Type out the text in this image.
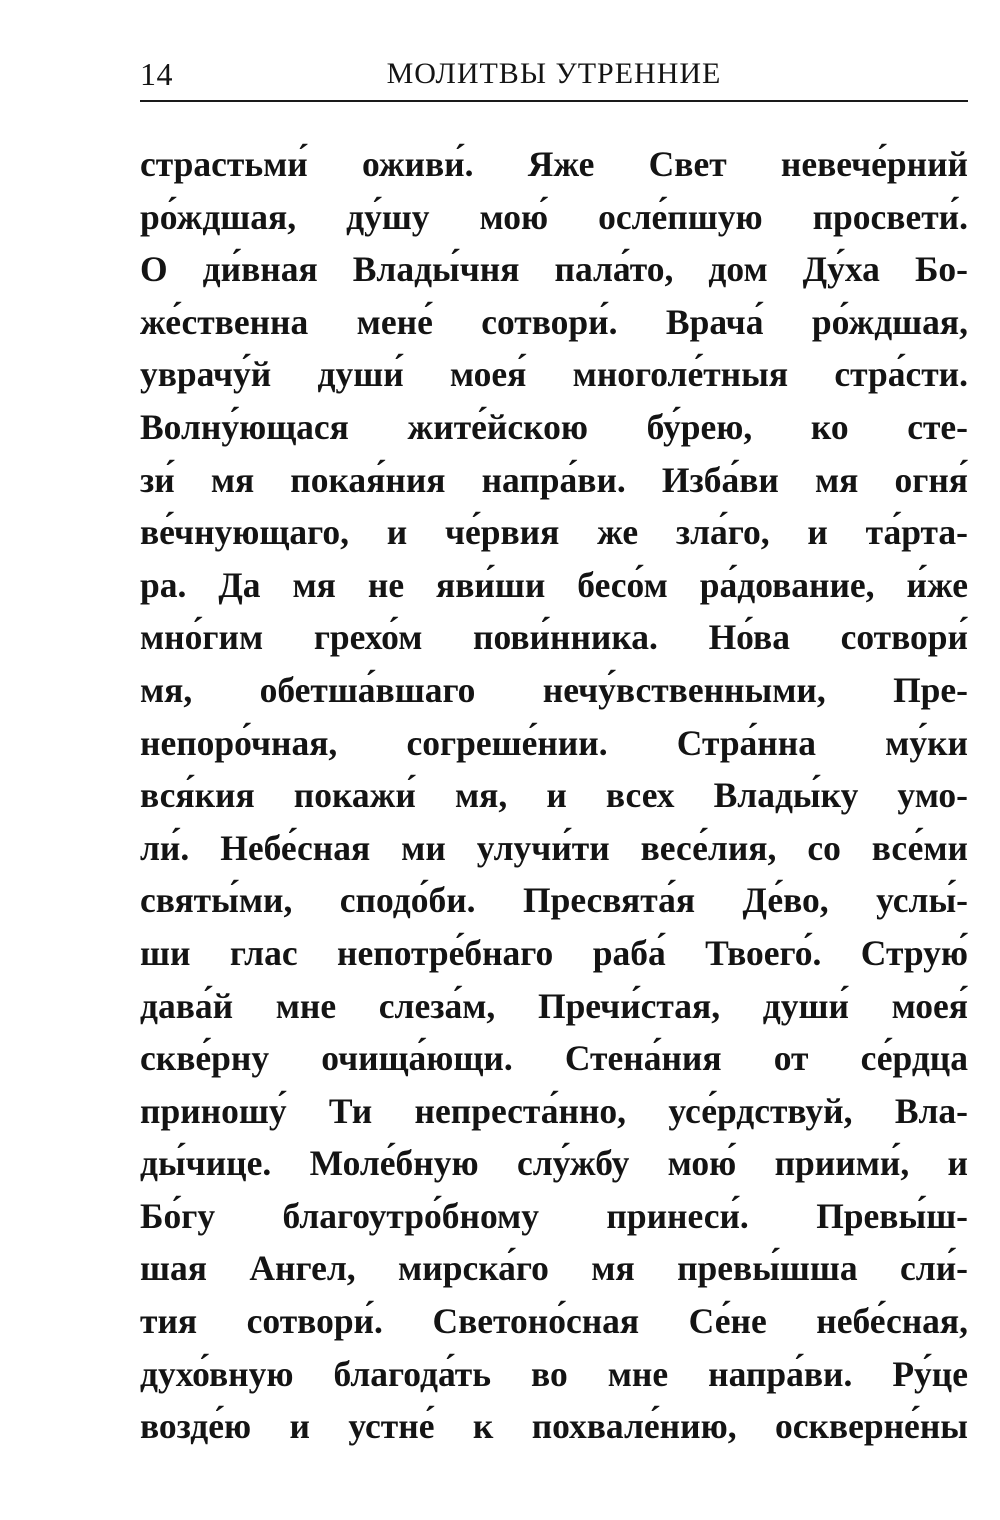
14	МОЛИТВЫ УТРЕННИЕ
страстьми́ оживи́. Яже Свет невече́рний
ро́ждшая, ду́шу мою́ осле́пшую просвети́.
О ди́вная Влады́чня пала́то, дом Ду́ха Бо-
же́ственна мене́ сотвори́. Врача́ ро́ждшая,
уврачу́й души́ моея́ многоле́тныя стра́сти.
Волну́ющася жите́йскою бу́рею, ко сте-
зи́ мя покая́ния напра́ви. Изба́ви мя огня́
ве́чнующаго, и че́рвия же зла́го, и та́рта-
ра. Да мя не яви́ши бесо́м ра́дование, и́же
мно́гим грехо́м пови́нника. Но́ва сотвори́
мя, обетша́вшаго нечу́вственными, Пре-
непоро́чная, согреше́нии. Стра́нна му́ки
вся́кия покажи́ мя, и всех Влады́ку умо-
ли́. Небе́сная ми улучи́ти весе́лия, со все́ми
святы́ми, сподо́би. Пресвята́я Де́во, услы́-
ши глас непотре́бнаго раба́ Твоего́. Струю́
дава́й мне слеза́м, Пречи́стая, души́ моея́
скве́рну очища́ющи. Стена́ния от се́рдца
приношу́ Ти непреста́нно, усе́рдствуй, Вла-
ды́чице. Моле́бную слу́жбу мою́ приими́, и
Бо́гу благоутро́бному принеси́. Превы́ш-
шая Ангел, мирска́го мя превы́шша сли́-
тия сотвори́. Светоно́сная Се́не небе́сная,
духо́вную благода́ть во мне напра́ви. Ру́це
возде́ю и устне́ к похвале́нию, оскверне́ны
